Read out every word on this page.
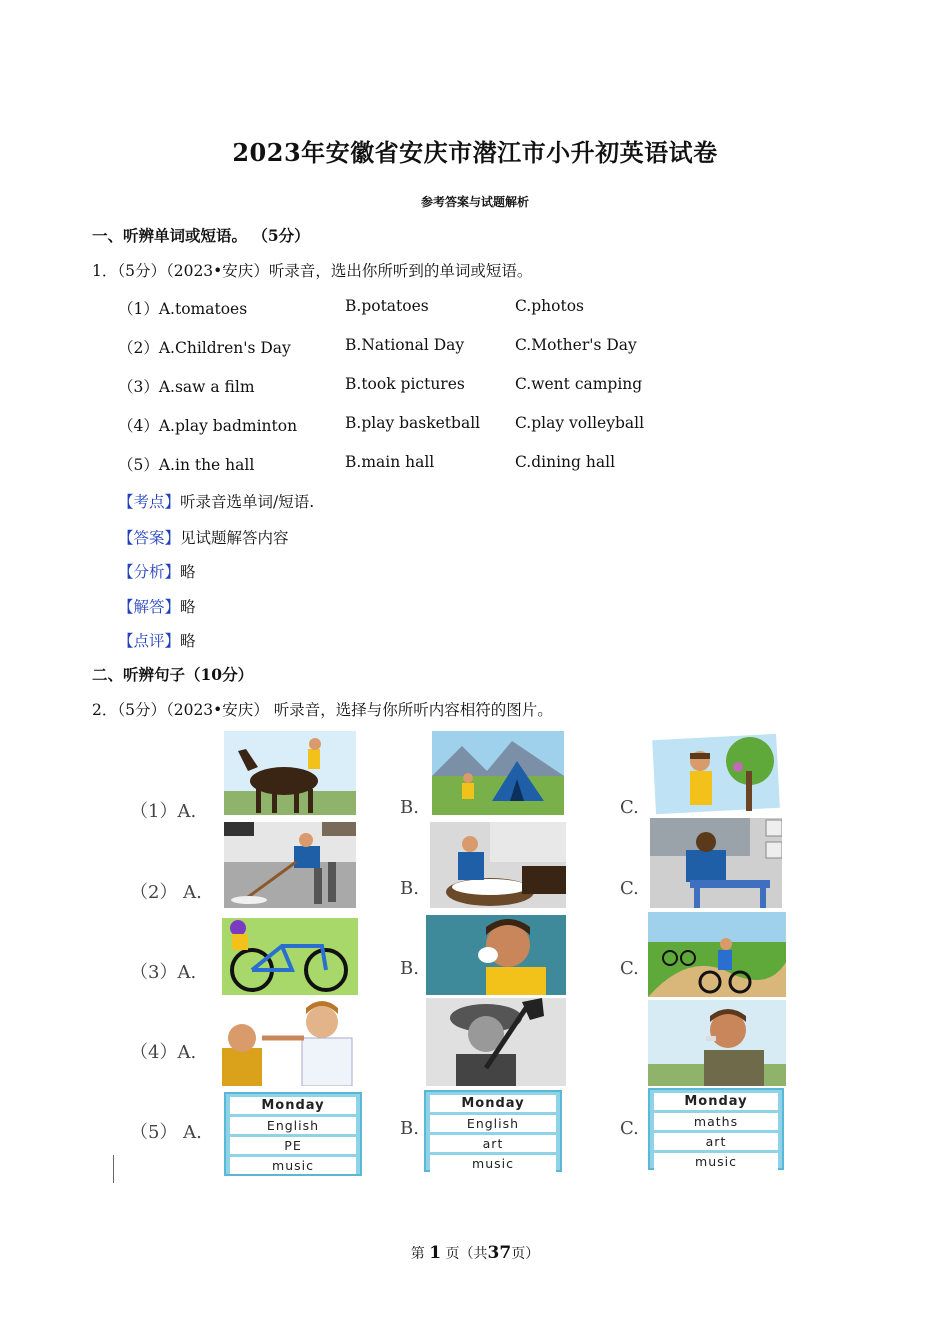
2023年安徽省安庆市潜江市小升初英语试卷
参考答案与试题解析
一、听辨单词或短语。 （5分）
1．（5分）（2023•安庆）听录音，选出你所听到的单词或短语。
（1）A.tomatoes	B.potatoes	C.photos
（2）A.Children's Day	B.National Day	C.Mother's Day
（3）A.saw a film	B.took pictures	C.went camping
（4）A.play badminton	B.play basketball C.play volleyball
（5）A.in the hall	B.main hall	C.dining hall
【考点】听录音选单词/短语.
【答案】见试题解答内容
【分析】略
【解答】略
【点评】略
二、听辨句子（10分）
2．（5分）（2023•安庆） 听录音，选择与你所听内容相符的图片。
（1）A.	B.	C.
（2） A.	B.	C.
（3）A.	B.	C.
（4）A.
（5） A.	B.	C.
Monday
English
PE
music
Monday
English
art
music
Monday
maths
art
music
第 1 页（共37页）
